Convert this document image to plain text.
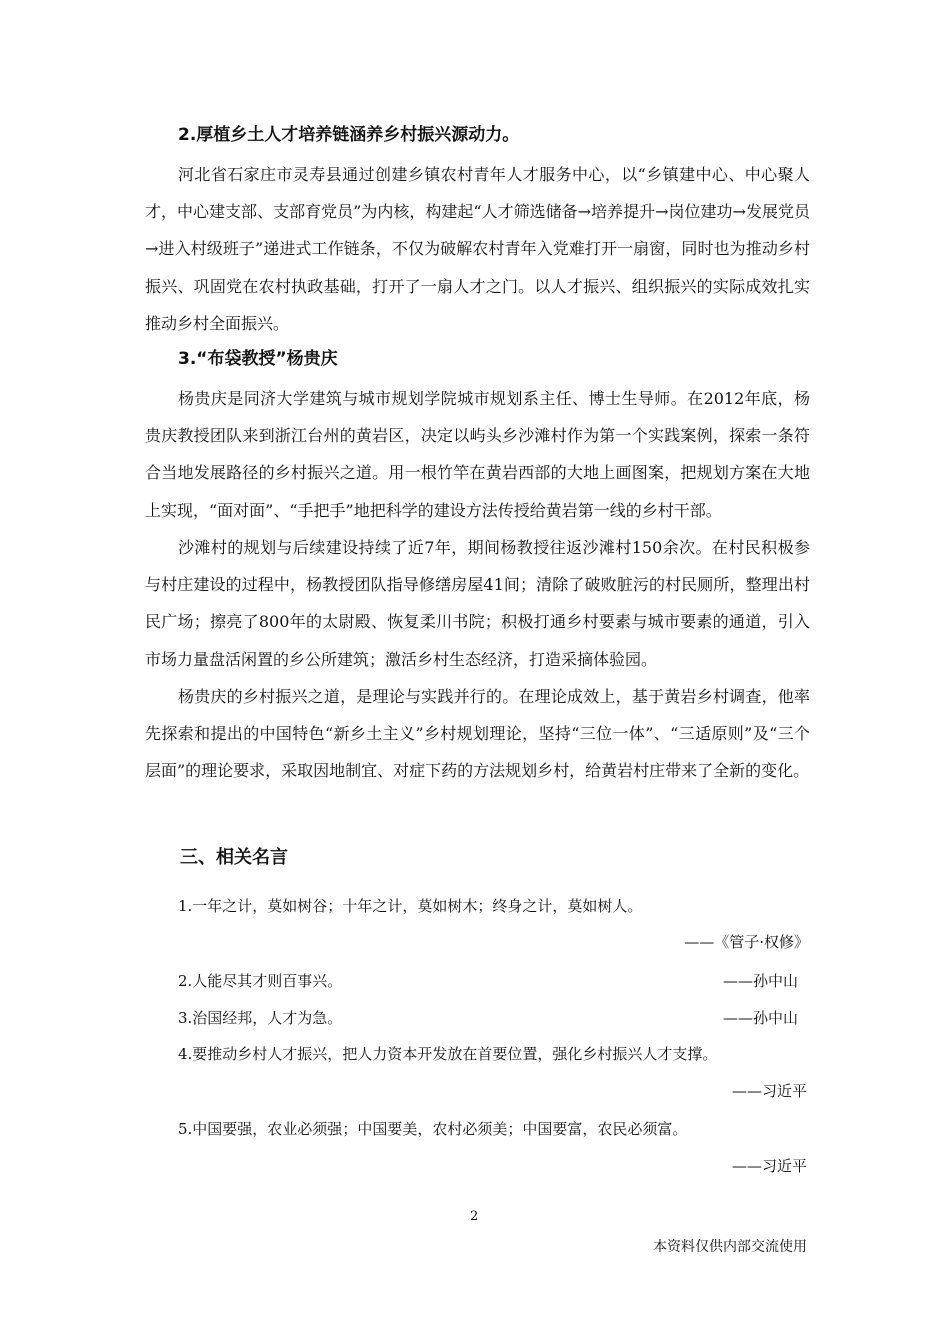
2.厚植乡土人才培养链涵养乡村振兴源动力。

河北省石家庄市灵寿县通过创建乡镇农村青年人才服务中心，以“乡镇建中心、中心聚人才，中心建支部、支部育党员”为内核，构建起“人才筛选储备→培养提升→岗位建功→发展党员→进入村级班子”递进式工作链条，不仅为破解农村青年入党难打开一扇窗，同时也为推动乡村振兴、巩固党在农村执政基础，打开了一扇人才之门。以人才振兴、组织振兴的实际成效扎实推动乡村全面振兴。

3.“布袋教授”杨贵庆

杨贵庆是同济大学建筑与城市规划学院城市规划系主任、博士生导师。在2012年底，杨贵庆教授团队来到浙江台州的黄岩区，决定以屿头乡沙滩村作为第一个实践案例，探索一条符合当地发展路径的乡村振兴之道。用一根竹竿在黄岩西部的大地上画图案，把规划方案在大地上实现，“面对面”、“手把手”地把科学的建设方法传授给黄岩第一线的乡村干部。

沙滩村的规划与后续建设持续了近7年，期间杨教授往返沙滩村150余次。在村民积极参与村庄建设的过程中，杨教授团队指导修缮房屋41间；清除了破败脏污的村民厕所，整理出村民广场；擦亮了800年的太尉殿、恢复柔川书院；积极打通乡村要素与城市要素的通道，引入市场力量盘活闲置的乡公所建筑；激活乡村生态经济，打造采摘体验园。

杨贵庆的乡村振兴之道，是理论与实践并行的。在理论成效上，基于黄岩乡村调查，他率先探索和提出的中国特色“新乡土主义”乡村规划理论，坚持“三位一体”、“三适原则”及“三个层面”的理论要求，采取因地制宜、对症下药的方法规划乡村，给黄岩村庄带来了全新的变化。

三、相关名言
1.一年之计，莫如树谷；十年之计，莫如树木；终身之计，莫如树人。
——《管子·权修》
2.人能尽其才则百事兴。	——孙中山
3.治国经邦，人才为急。	——孙中山
4.要推动乡村人才振兴，把人力资本开发放在首要位置，强化乡村振兴人才支撑。
——习近平
5.中国要强，农业必须强；中国要美，农村必须美；中国要富，农民必须富。
——习近平
2
本资料仅供内部交流使用
